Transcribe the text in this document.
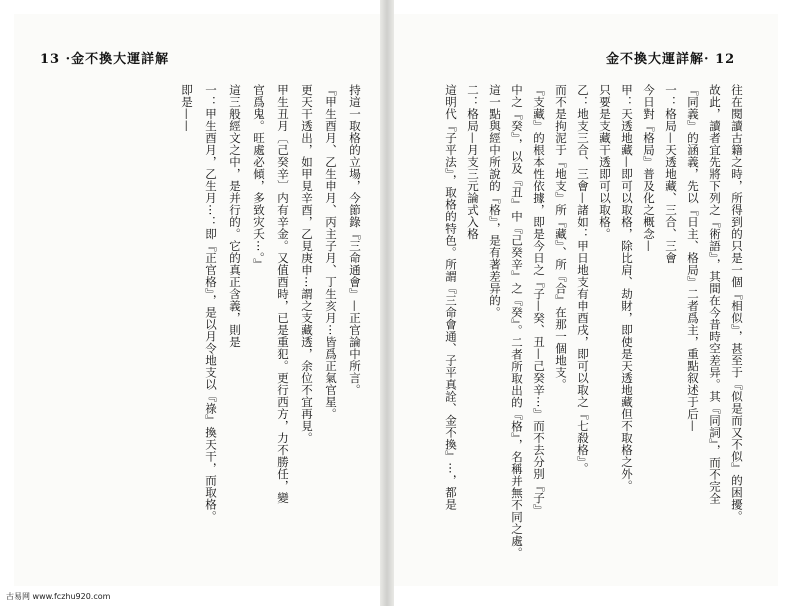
13 ·金不換大運詳解	金不換大運詳解· 12
持這一取格的立場，今節錄『三命通會』—正官論中所言。
『甲生酉月、乙生申月、丙主子月、丁生亥月⋯皆爲正氣官星。
更天干透出，如甲見辛酉，乙見庚申⋯謂之支藏透，余位不宜再見。
甲生丑月〔己癸辛〕内有辛金。又值酉時，已是重犯。更行西方，力不勝任，變
官爲鬼。旺處必傾，多致灾夭⋯。』
這三般經文之中，是并行的。它的真正含義，則是
一：甲生酉月，乙生月⋯：即『正官格』，是以月令地支以『祿』換天干，而取格。
即是——	往在閱讀古籍之時，所得到的只是一個『相似』，甚至于『似是而又不似』的困擾。
故此，讀者宜先將下列之『術語』，其間在今昔時空差异。其『同詞』，而不完全
『同義』的涵義，先以『日主、格局』二者爲主，重點叙述于后—
一：格局—天透地藏、三合、三會
今日對『格局』普及化之概念—
甲：天透地藏—即可以取格，除比肩、劫財，即使是天透地藏但不取格之外。
只要是支藏干透即可以取格。
乙：地支三合、三會—諸如：甲日地支有申酉戌，即可以取之『七殺格』。
而不是拘泥于『地支』所『藏』、所『合』在那一個地支。
『支藏』的根本性依據，即是今日之『子—癸、丑—己癸辛⋯』而不去分別『子』
中之『癸』，以及『丑』中『己癸辛』之『癸』。二者所取出的『格』，名稱并無不同之處。
這一點與經中所說的『格』，是有著差异的。
二：格局—月支三元論式入格
這明代『子平法』，取格的特色。所謂『三命會通、子平真詮、金不換』⋯，都是
古易网 www.fczhu920.com
